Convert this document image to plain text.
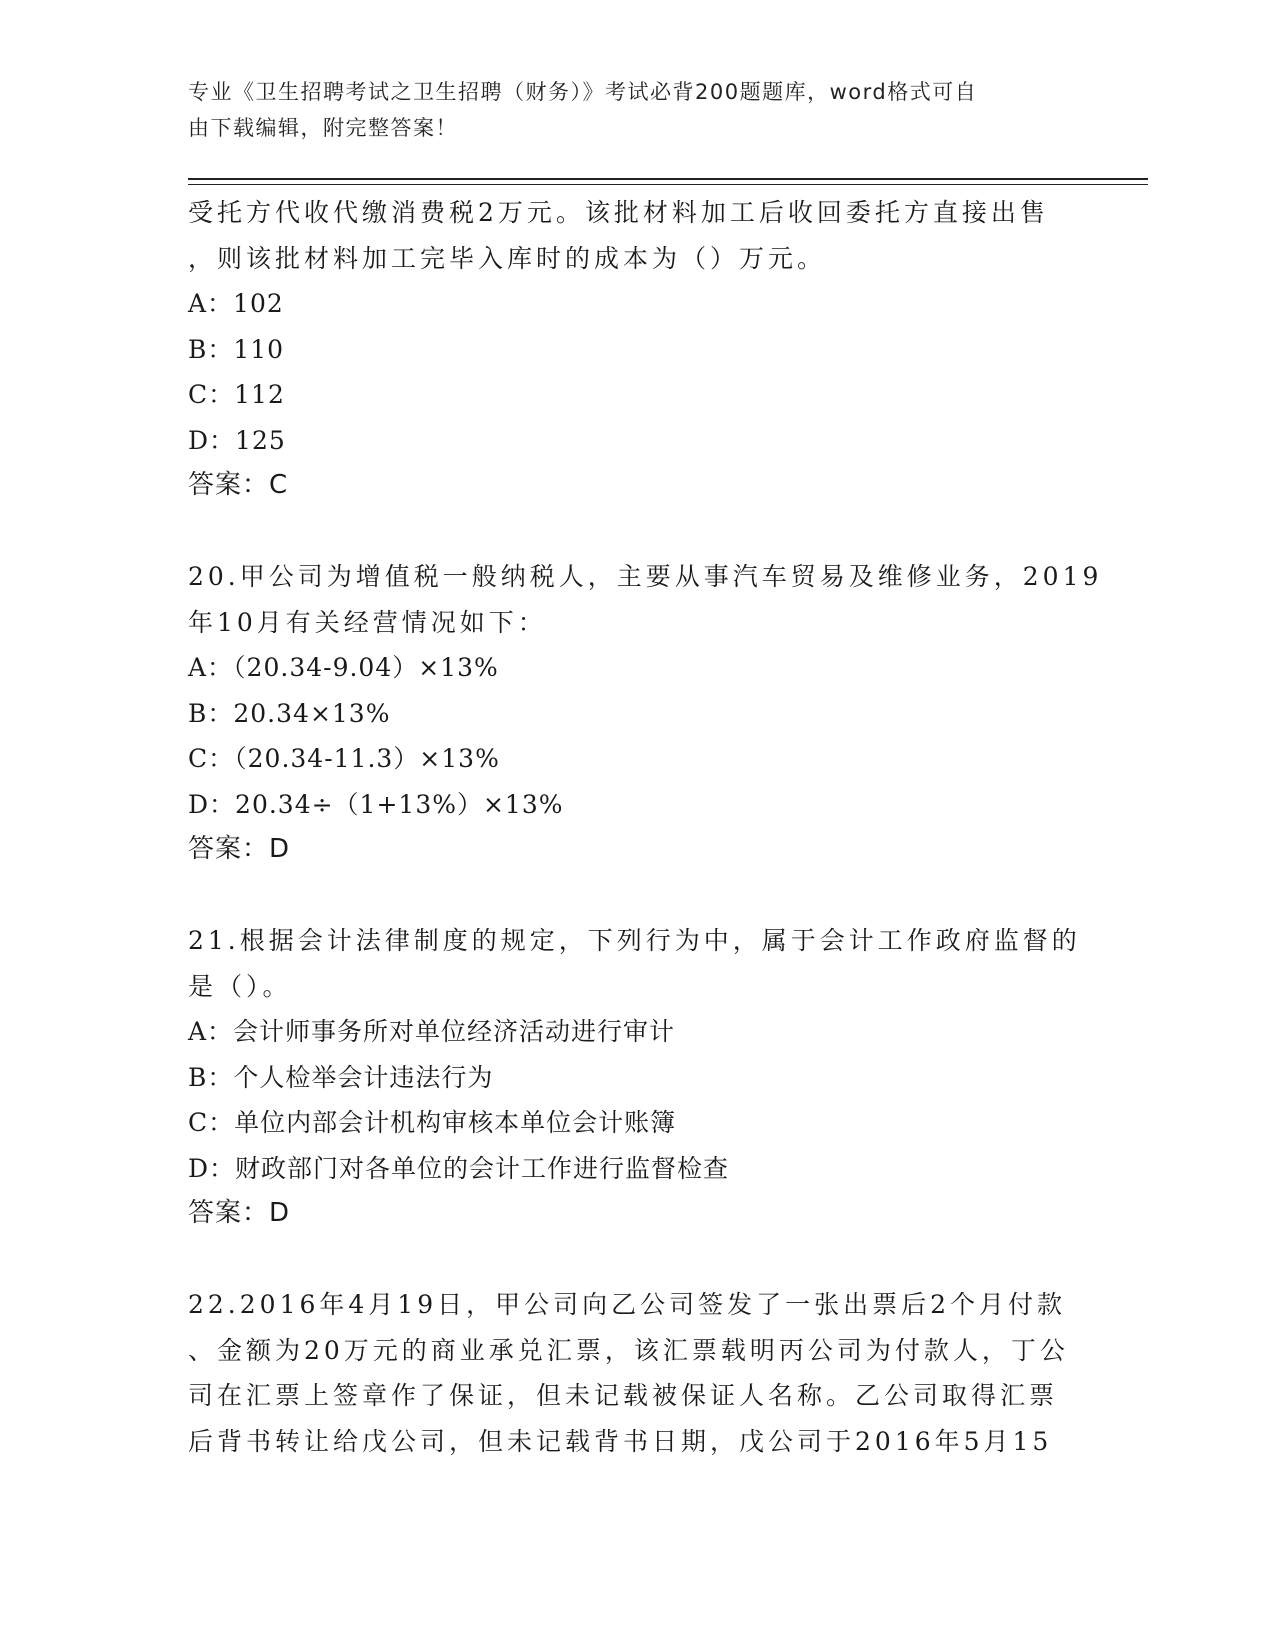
专业《卫生招聘考试之卫生招聘（财务）》考试必背200题题库，word格式可自

由下载编辑，附完整答案！

受托方代收代缴消费税2万元。该批材料加工后收回委托方直接出售

，则该批材料加工完毕入库时的成本为（）万元。

A：102

B：110

C：112

D：125

答案：C

20.甲公司为增值税一般纳税人，主要从事汽车贸易及维修业务，2019

年10月有关经营情况如下：

A：（20.34-9.04）×13%

B：20.34×13%

C：（20.34-11.3）×13%

D：20.34÷（1+13%）×13%

答案：D

21.根据会计法律制度的规定，下列行为中，属于会计工作政府监督的

是（）。

A：会计师事务所对单位经济活动进行审计

B：个人检举会计违法行为

C：单位内部会计机构审核本单位会计账簿

D：财政部门对各单位的会计工作进行监督检查

答案：D

22.2016年4月19日，甲公司向乙公司签发了一张出票后2个月付款

、金额为20万元的商业承兑汇票，该汇票载明丙公司为付款人，丁公

司在汇票上签章作了保证，但未记载被保证人名称。乙公司取得汇票

后背书转让给戊公司，但未记载背书日期，戊公司于2016年5月15
